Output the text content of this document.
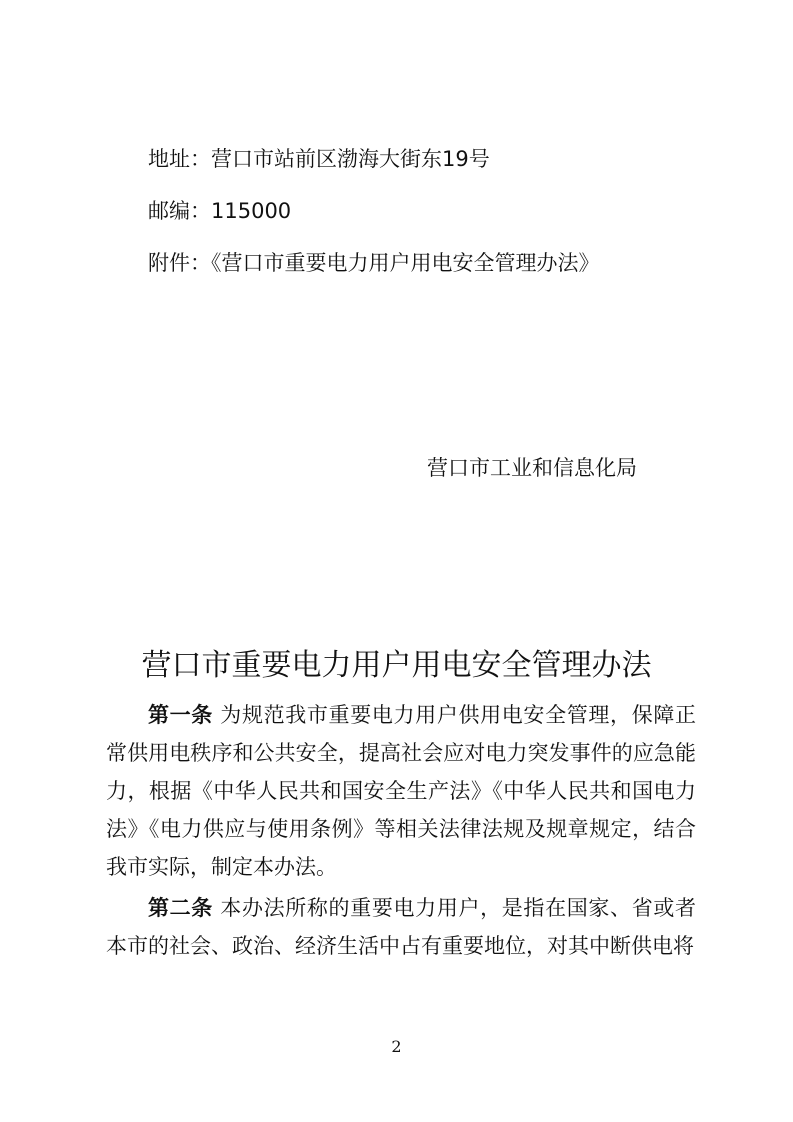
地址：营口市站前区渤海大街东19号
邮编：115000
附件：《营口市重要电力用户用电安全管理办法》
营口市工业和信息化局
营口市重要电力用户用电安全管理办法

第一条 为规范我市重要电力用户供用电安全管理，保障正常供用电秩序和公共安全，提高社会应对电力突发事件的应急能力，根据《中华人民共和国安全生产法》《中华人民共和国电力法》《电力供应与使用条例》等相关法律法规及规章规定，结合我市实际，制定本办法。

第二条 本办法所称的重要电力用户，是指在国家、省或者本市的社会、政治、经济生活中占有重要地位，对其中断供电将

2
